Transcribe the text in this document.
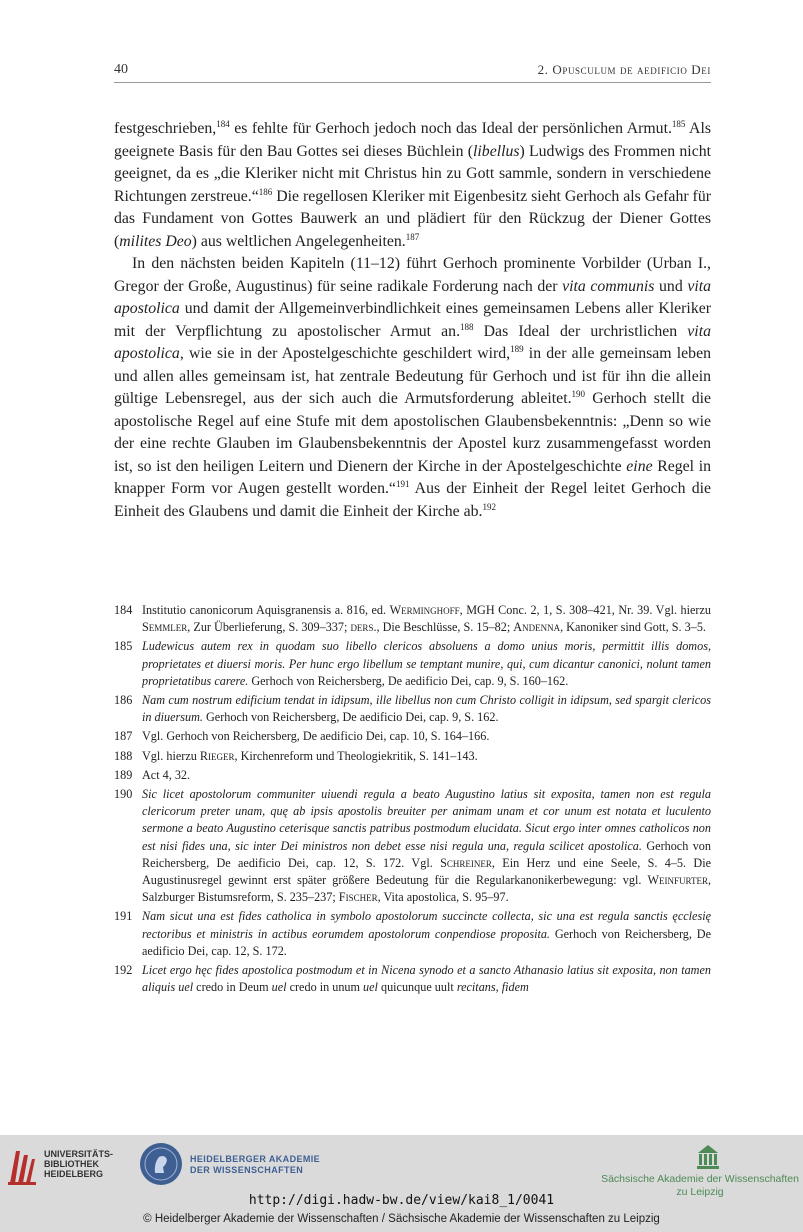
40	2. Opusculum de aedificio Dei

festgeschrieben,$^{184}$ es fehlte für Gerhoch jedoch noch das Ideal der persönlichen Armut.$^{185}$ Als geeignete Basis für den Bau Gottes sei dieses Büchlein (libellus) Ludwigs des Frommen nicht geeignet, da es „die Kleriker nicht mit Christus hin zu Gott sammle, sondern in verschiedene Richtungen zerstreue.“$^{186}$ Die regellosen Kleriker mit Eigenbesitz sieht Gerhoch als Gefahr für das Fundament von Gottes Bauwerk an und plädiert für den Rückzug der Diener Gottes (milites Deo) aus weltlichen Angelegenheiten.$^{187}$

In den nächsten beiden Kapiteln (11–12) führt Gerhoch prominente Vorbilder (Urban I., Gregor der Große, Augustinus) für seine radikale Forderung nach der vita communis und vita apostolica und damit der Allgemeinverbindlichkeit eines gemeinsamen Lebens aller Kleriker mit der Verpflichtung zu apostolischer Armut an.$^{188}$ Das Ideal der urchristlichen vita apostolica, wie sie in der Apostelgeschichte geschildert wird,$^{189}$ in der alle gemeinsam leben und allen alles gemeinsam ist, hat zentrale Bedeutung für Gerhoch und ist für ihn die allein gültige Lebensregel, aus der sich auch die Armutsforderung ableitet.$^{190}$ Gerhoch stellt die apostolische Regel auf eine Stufe mit dem apostolischen Glaubensbekenntnis: „Denn so wie der eine rechte Glauben im Glaubensbekenntnis der Apostel kurz zusammengefasst worden ist, so ist den heiligen Leitern und Dienern der Kirche in der Apostelgeschichte eine Regel in knapper Form vor Augen gestellt worden.“$^{191}$ Aus der Einheit der Regel leitet Gerhoch die Einheit des Glaubens und damit die Einheit der Kirche ab.$^{192}$

184 Institutio canonicorum Aquisgranensis a. 816, ed. Werminghoff, MGH Conc. 2, 1, S. 308–421, Nr. 39. Vgl. hierzu Semmler, Zur Überlieferung, S. 309–337; ders., Die Beschlüsse, S. 15–82; Andenna, Kanoniker sind Gott, S. 3–5.
185 Ludewicus autem rex in quodam suo libello clericos absoluens a domo unius moris, permittit illis domos, proprietates et diuersi moris. Per hunc ergo libellum se temptant munire, qui, cum dicantur canonici, nolunt tamen proprietatibus carere. Gerhoch von Reichersberg, De aedificio Dei, cap. 9, S. 160–162.
186 Nam cum nostrum edificium tendat in idipsum, ille libellus non cum Christo colligit in idipsum, sed spargit clericos in diuersum. Gerhoch von Reichersberg, De aedificio Dei, cap. 9, S. 162.
187 Vgl. Gerhoch von Reichersberg, De aedificio Dei, cap. 10, S. 164–166.
188 Vgl. hierzu Rieger, Kirchenreform und Theologiekritik, S. 141–143.
189 Act 4, 32.
190 Sic licet apostolorum communiter uiuendi regula a beato Augustino latius sit exposita, tamen non est regula clericorum preter unam, quę ab ipsis apostolis breuiter per animam unam et cor unum est notata et luculento sermone a beato Augustino ceterisque sanctis patribus postmodum elucidata. Sicut ergo inter omnes catholicos non est nisi fides una, sic inter Dei ministros non debet esse nisi regula una, regula scilicet apostolica. Gerhoch von Reichersberg, De aedificio Dei, cap. 12, S. 172. Vgl. Schreiner, Ein Herz und eine Seele, S. 4–5. Die Augustinusregel gewinnt erst später größere Bedeutung für die Regularkanonikerbewegung: vgl. Weinfurter, Salzburger Bistumsreform, S. 235–237; Fischer, Vita apostolica, S. 95–97.
191 Nam sicut una est fides catholica in symbolo apostolorum succincte collecta, sic una est regula sanctis ęcclesię rectoribus et ministris in actibus eorumdem apostolorum conpendiose proposita. Gerhoch von Reichersberg, De aedificio Dei, cap. 12, S. 172.
192 Licet ergo hęc fides apostolica postmodum et in Nicena synodo et a sancto Athanasio latius sit exposita, non tamen aliquis uel credo in Deum uel credo in unum uel quicunque uult recitans, fidem
UNIVERSITÄTS-
BIBLIOTHEK
HEIDELBERG
HEIDELBERGER AKADEMIE
DER WISSENSCHAFTEN
Sächsische Akademie der Wissenschaften
zu Leipzig
http://digi.hadw-bw.de/view/kai8_1/0041
© Heidelberger Akademie der Wissenschaften / Sächsische Akademie der Wissenschaften zu Leipzig
